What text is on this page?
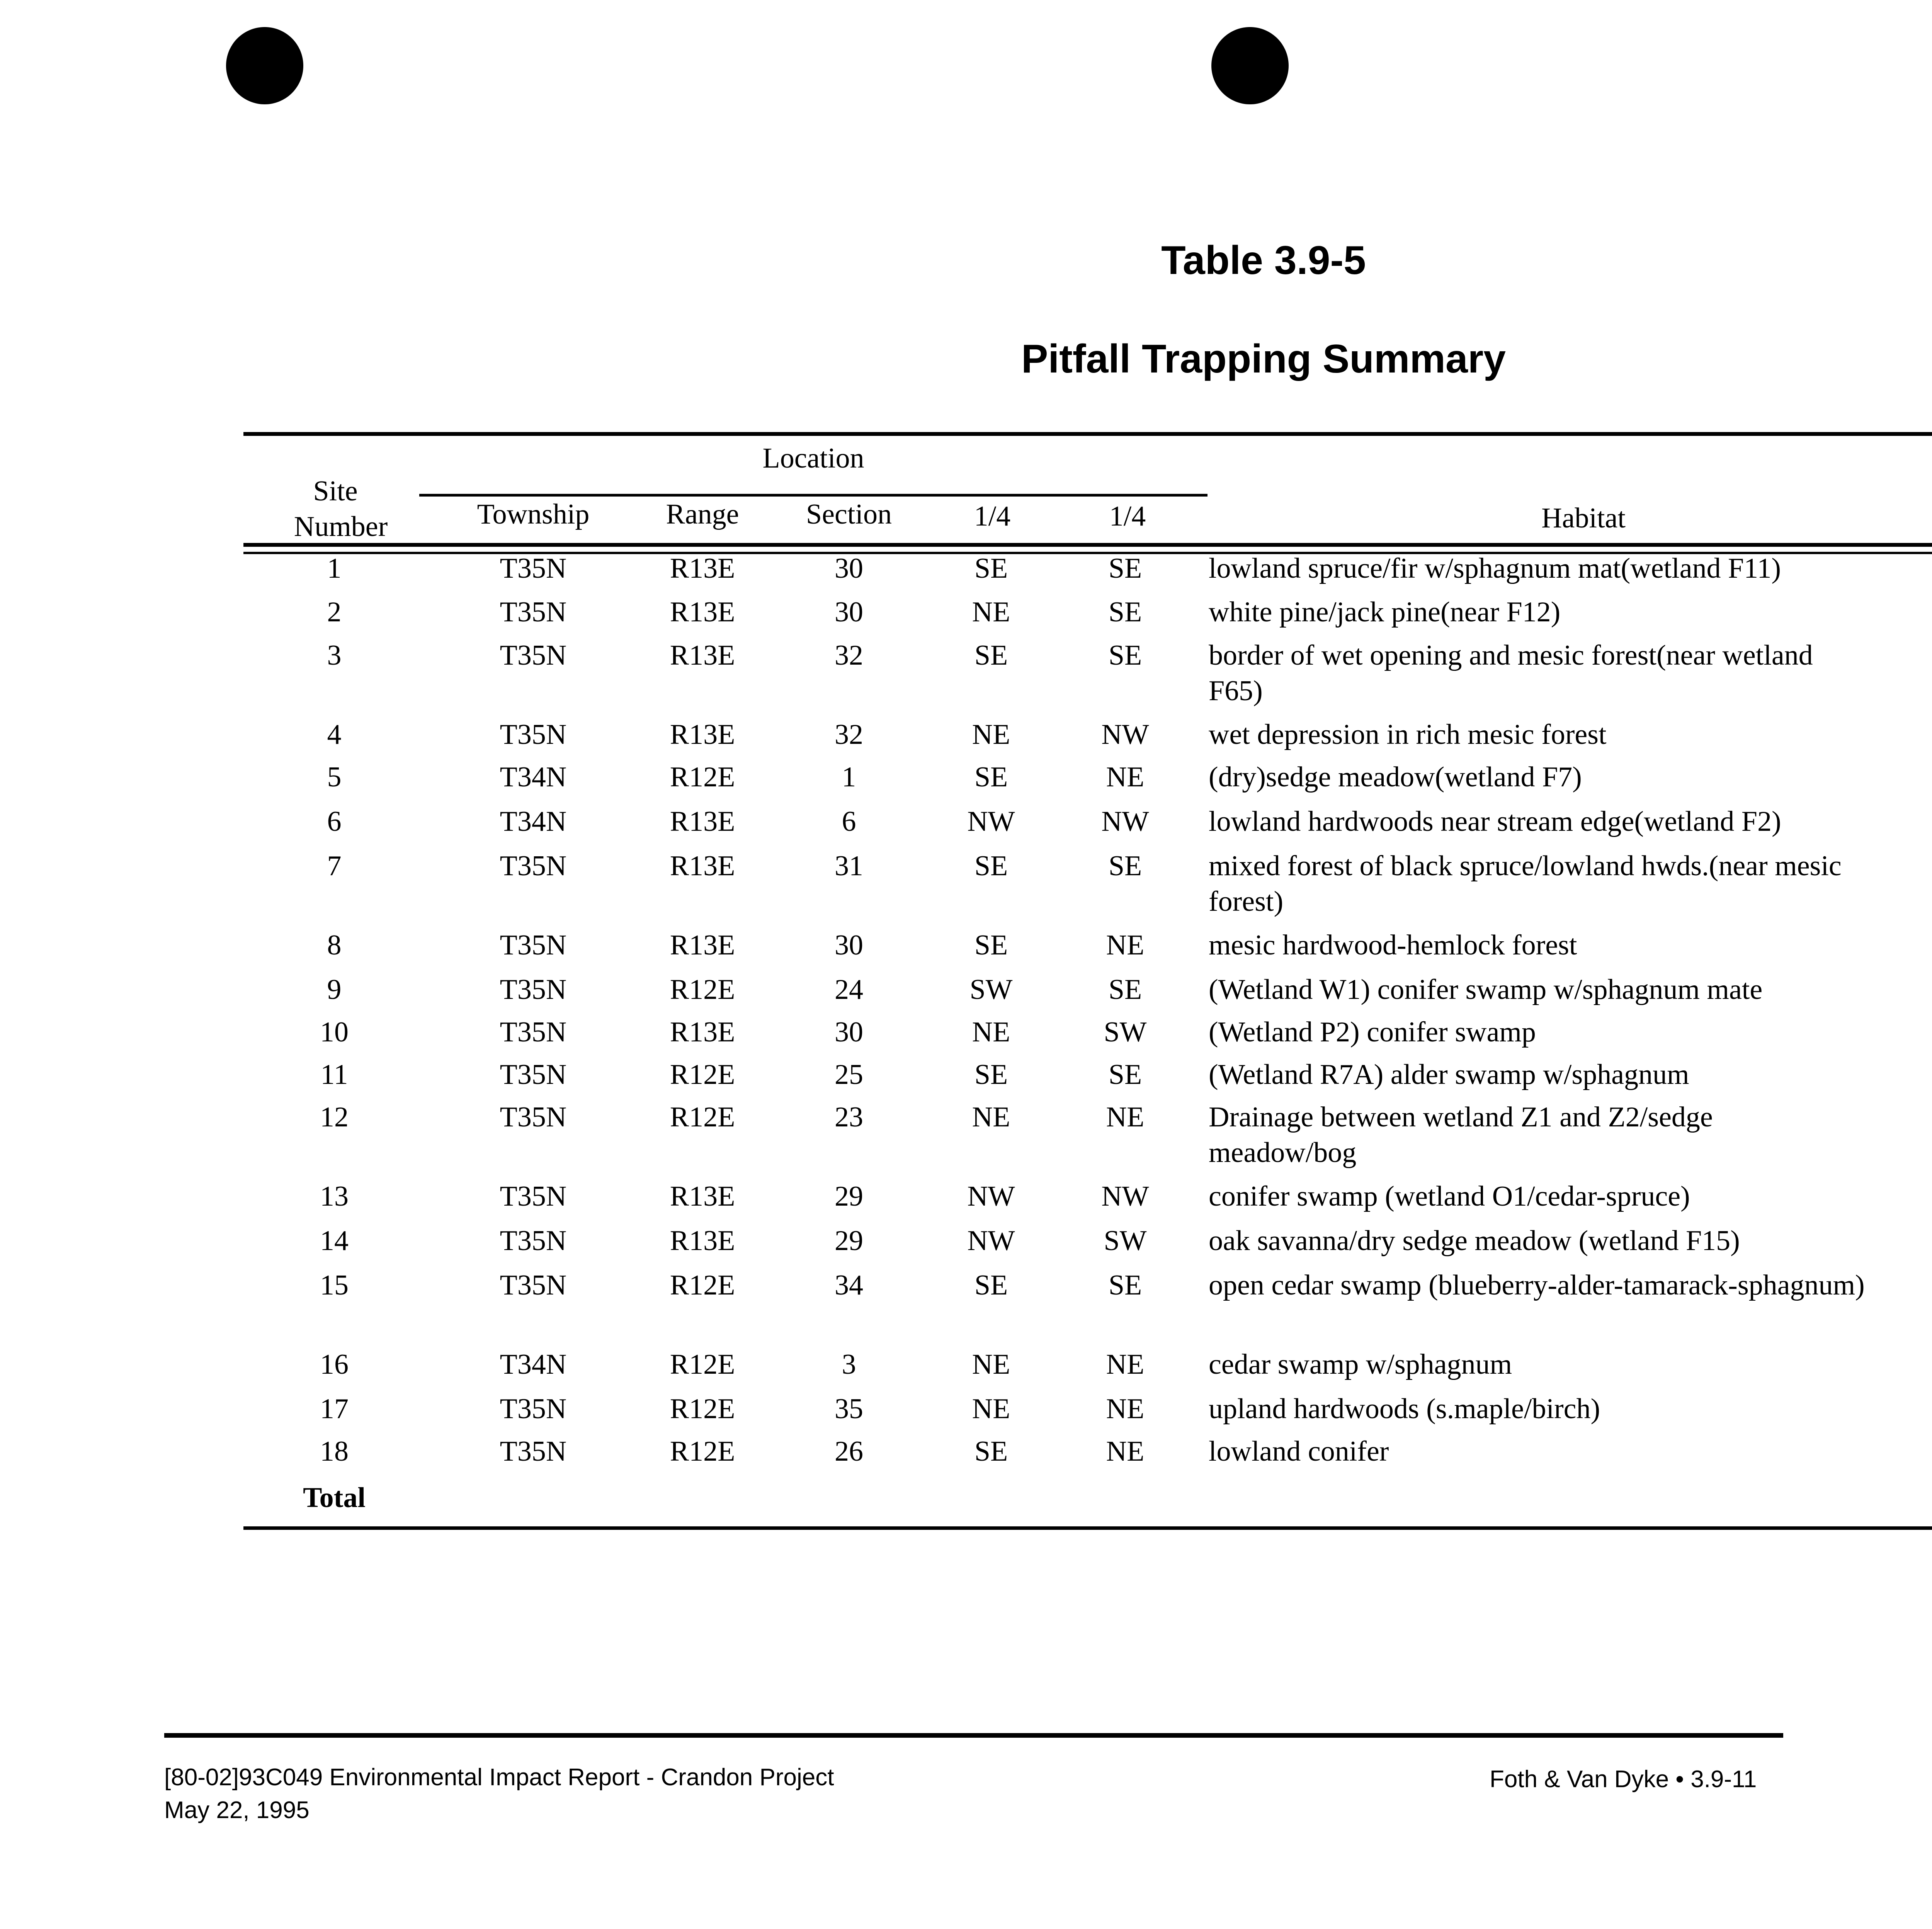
Table 3.9-5
Pitfall Trapping Summary
Site
Number
Location
Township	Range Section	1/4	1/4	Habitat
1	T35N	R13E	30	SE	SE lowland spruce/fir w/sphagnum mat(wetland F11)
2	T35N	R13E	30	NE	SE white pine/jack pine(near F12)
3	T35N	R13E	32	SE	SE border of wet opening and mesic forest(near wetland F65)
4	T35N	R13E	32	NE	NW wet depression in rich mesic forest
5	T34N	R12E	1	SE	NE (dry)sedge meadow(wetland F7)
6	T34N	R13E	6	NW	NW lowland hardwoods near stream edge(wetland F2)
7	T35N	R13E	31	SE	SE mixed forest of black spruce/lowland hwds.(near mesic forest)
8	T35N	R13E	30	SE	NE mesic hardwood-hemlock forest
9	T35N	R12E	24	SW	SE (Wetland W1) conifer swamp w/sphagnum mate
10	T35N	R13E	30	NE	SW (Wetland P2) conifer swamp
11	T35N	R12E	25	SE	SE (Wetland R7A) alder swamp w/sphagnum
12	T35N	R12E	23	NE	NE Drainage between wetland Z1 and Z2/sedge meadow/bog
13	T35N	R13E	29	NW	NW conifer swamp (wetland O1/cedar-spruce)
14	T35N	R13E	29	NW	SW oak savanna/dry sedge meadow (wetland F15)
15	T35N	R12E	34	SE	SE open cedar swamp (blueberry-alder-tamarack-sphagnum)
16	T34N	R12E	3	NE	NE cedar swamp w/sphagnum
17	T35N	R12E	35	NE	NE upland hardwoods (s.maple/birch)
18	T35N	R12E	26	SE	NE lowland conifer
Total
[80-02]93C049 Environmental Impact Report - Crandon Project
May 22, 1995
Foth & Van Dyke • 3.9-11
